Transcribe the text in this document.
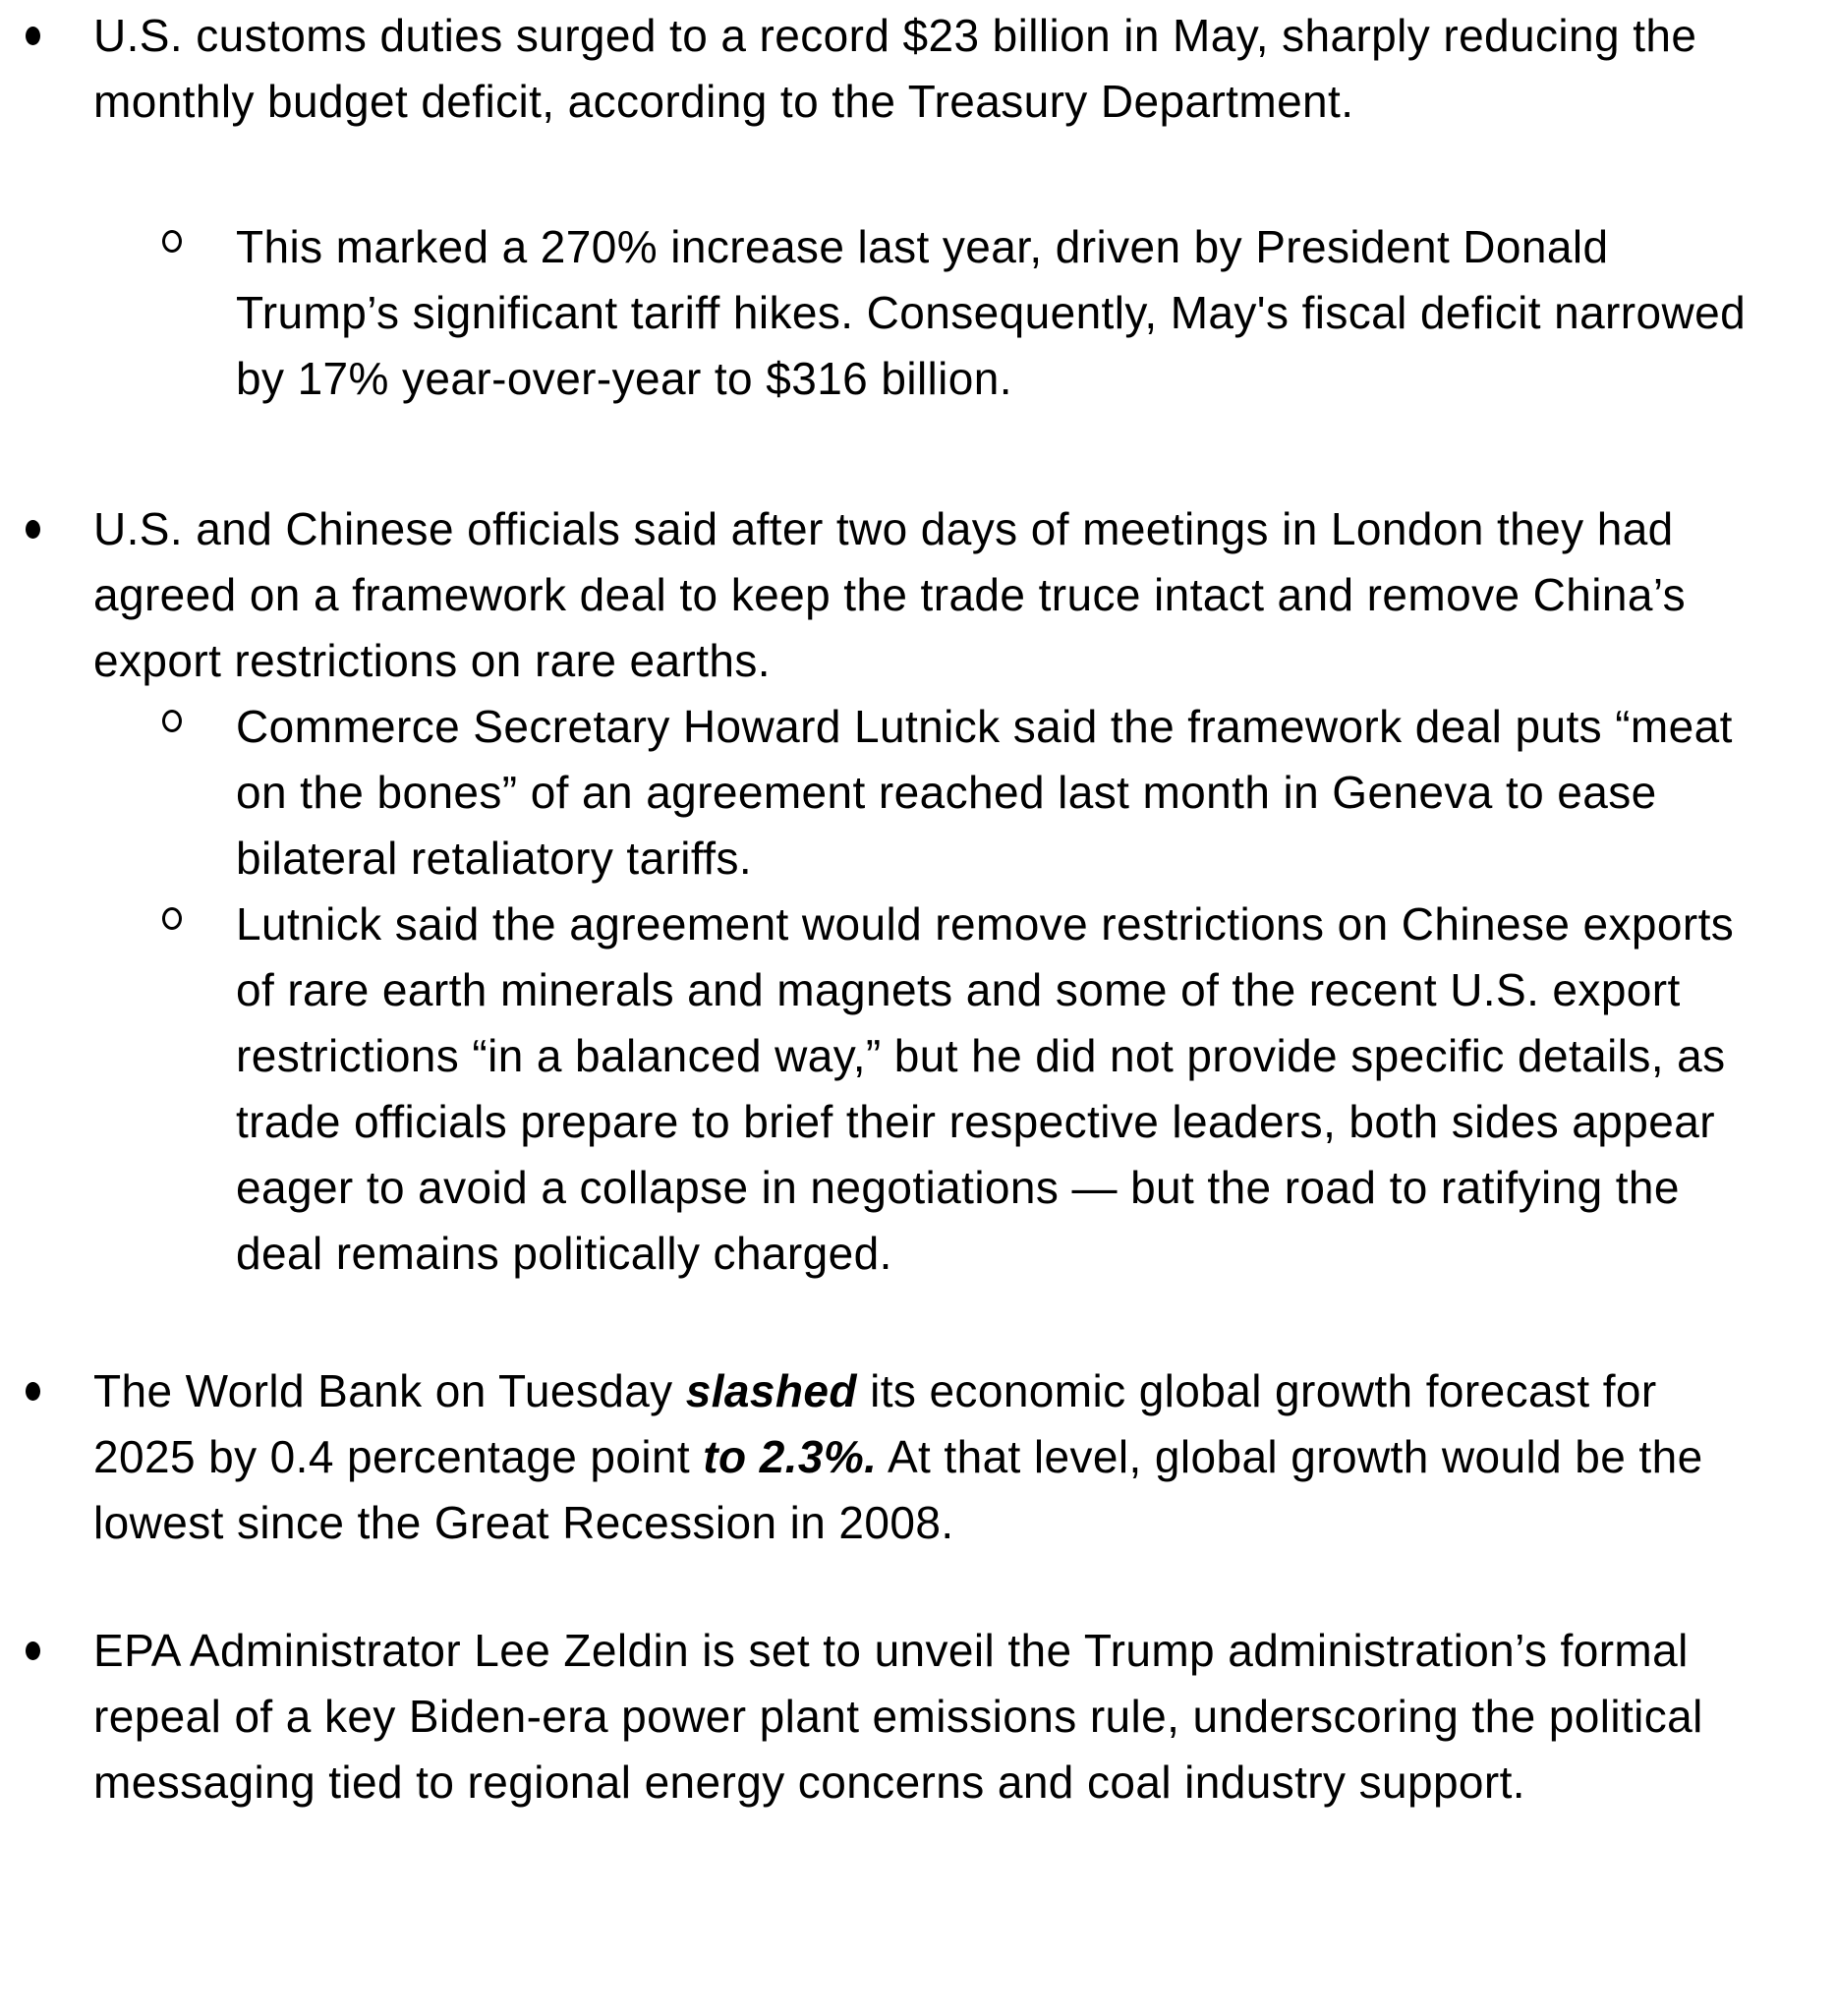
U.S. customs duties surged to a record $23 billion in May, sharply reducing the monthly budget deficit, according to the Treasury Department.

This marked a 270% increase last year, driven by President Donald Trump’s significant tariff hikes. Consequently, May's fiscal deficit narrowed by 17% year-over-year to $316 billion.

U.S. and Chinese officials said after two days of meetings in London they had agreed on a framework deal to keep the trade truce intact and remove China’s export restrictions on rare earths.

Commerce Secretary Howard Lutnick said the framework deal puts “meat on the bones” of an agreement reached last month in Geneva to ease bilateral retaliatory tariffs.

Lutnick said the agreement would remove restrictions on Chinese exports of rare earth minerals and magnets and some of the recent U.S. export restrictions “in a balanced way,” but he did not provide specific details, as trade officials prepare to brief their respective leaders, both sides appear eager to avoid a collapse in negotiations — but the road to ratifying the deal remains politically charged.

The World Bank on Tuesday slashed its economic global growth forecast for 2025 by 0.4 percentage point to 2.3%. At that level, global growth would be the lowest since the Great Recession in 2008.

EPA Administrator Lee Zeldin is set to unveil the Trump administration’s formal repeal of a key Biden-era power plant emissions rule, underscoring the political messaging tied to regional energy concerns and coal industry support.
